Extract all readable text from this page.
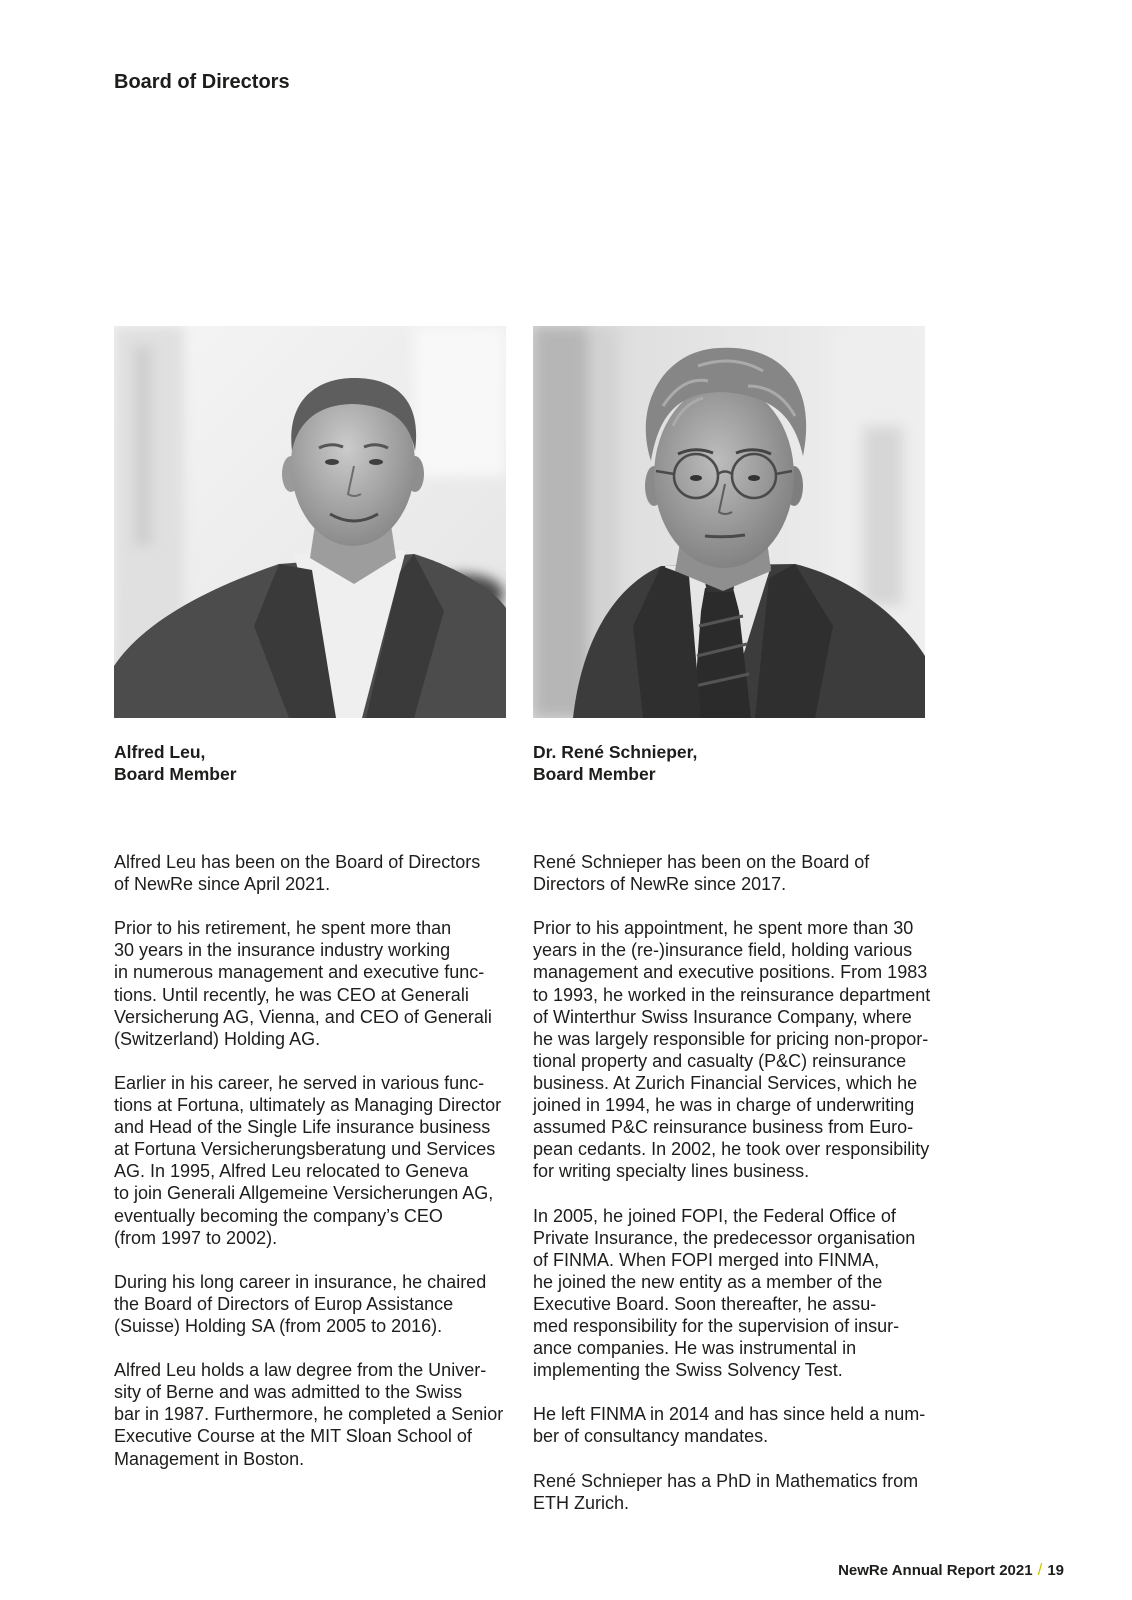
Board of Directors
Alfred Leu,
Board Member
Dr. René Schnieper,
Board Member

Alfred Leu has been on the Board of Directors
of NewRe since April 2021.

Prior to his retirement, he spent more than
30 years in the insurance industry working
in numerous management and executive func-
tions. Until recently, he was CEO at Generali
Versicherung AG, Vienna, and CEO of Generali
(Switzerland) Holding AG.

Earlier in his career, he served in various func-
tions at Fortuna, ultimately as Managing Director
and Head of the Single Life insurance business
at Fortuna Versicherungsberatung und Services
AG. In 1995, Alfred Leu relocated to Geneva
to join Generali Allgemeine Versicherungen AG,
eventually becoming the company’s CEO
(from 1997 to 2002).

During his long career in insurance, he chaired
the Board of Directors of Europ Assistance
(Suisse) Holding SA (from 2005 to 2016).

Alfred Leu holds a law degree from the Univer-
sity of Berne and was admitted to the Swiss
bar in 1987. Furthermore, he completed a Senior
Executive Course at the MIT Sloan School of
Management in Boston.

René Schnieper has been on the Board of
Directors of NewRe since 2017.

Prior to his appointment, he spent more than 30
years in the (re-)insurance field, holding various
management and executive positions. From 1983
to 1993, he worked in the reinsurance department
of Winterthur Swiss Insurance Company, where
he was largely responsible for pricing non-propor-
tional property and casualty (P&C) reinsurance
business. At Zurich Financial Services, which he
joined in 1994, he was in charge of underwriting
assumed P&C reinsurance business from Euro-
pean cedants. In 2002, he took over responsibility
for writing specialty lines business.

In 2005, he joined FOPI, the Federal Office of
Private Insurance, the predecessor organisation
of FINMA. When FOPI merged into FINMA,
he joined the new entity as a member of the
Executive Board. Soon thereafter, he assu-
med responsibility for the supervision of insur-
ance companies. He was instrumental in
implementing the Swiss Solvency Test.

He left FINMA in 2014 and has since held a num-
ber of consultancy mandates.

René Schnieper has a PhD in Mathematics from
ETH Zurich.

NewRe Annual Report 2021 / 19
